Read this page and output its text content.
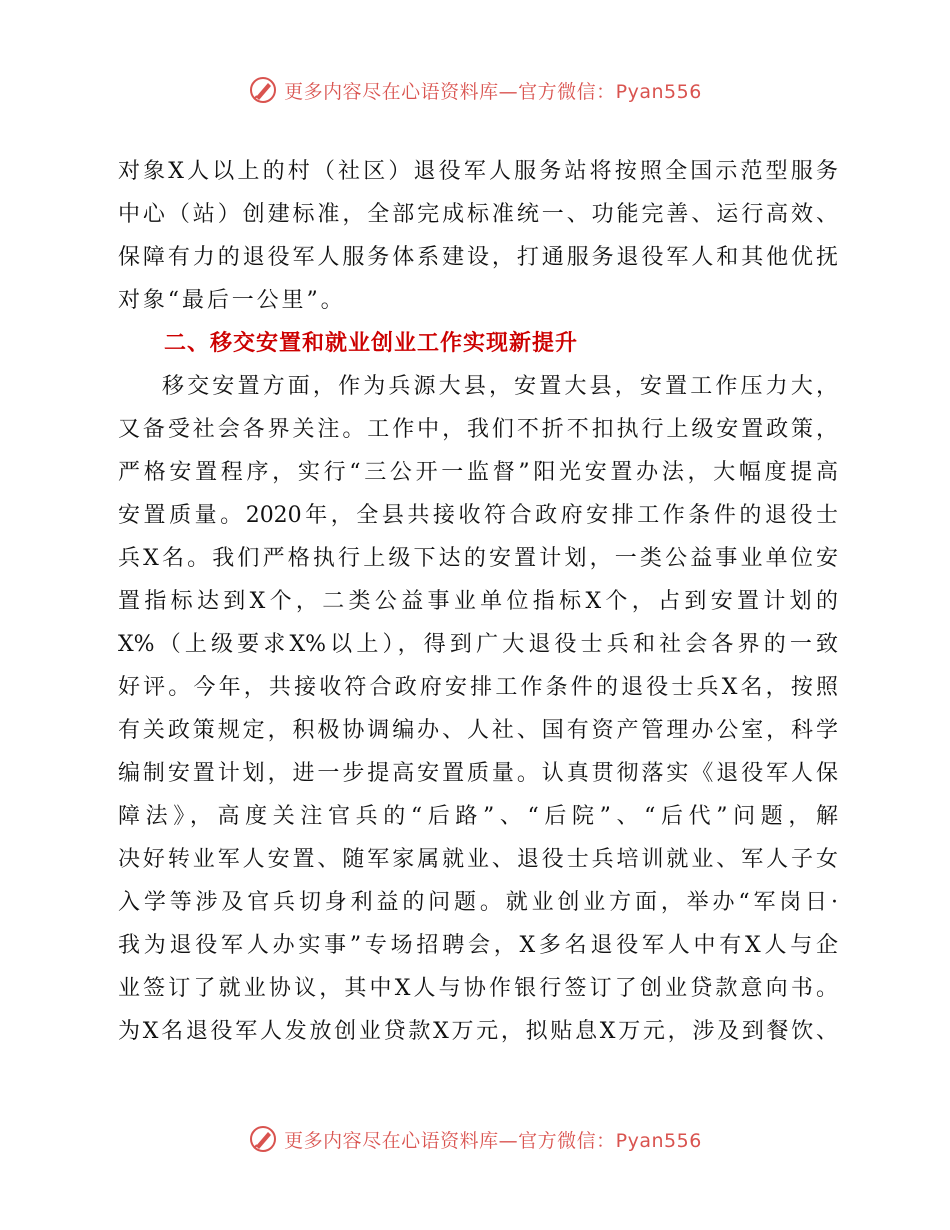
更多内容尽在心语资料库—官方微信：Pyan556
对象X人以上的村（社区）退役军人服务站将按照全国示范型服务
中心（站）创建标准，全部完成标准统一、功能完善、运行高效、
保障有力的退役军人服务体系建设，打通服务退役军人和其他优抚
对象“最后一公里”。
二、移交安置和就业创业工作实现新提升
移交安置方面，作为兵源大县，安置大县，安置工作压力大，
又备受社会各界关注。工作中，我们不折不扣执行上级安置政策，
严格安置程序，实行“三公开一监督”阳光安置办法，大幅度提高
安置质量。2020年，全县共接收符合政府安排工作条件的退役士
兵X名。我们严格执行上级下达的安置计划，一类公益事业单位安
置指标达到X个，二类公益事业单位指标X个，占到安置计划的
X%（上级要求X%以上），得到广大退役士兵和社会各界的一致
好评。今年，共接收符合政府安排工作条件的退役士兵X名，按照
有关政策规定，积极协调编办、人社、国有资产管理办公室，科学
编制安置计划，进一步提高安置质量。认真贯彻落实《退役军人保
障法》，高度关注官兵的“后路”、“后院”、“后代”问题，解
决好转业军人安置、随军家属就业、退役士兵培训就业、军人子女
入学等涉及官兵切身利益的问题。就业创业方面，举办“军岗日·
我为退役军人办实事”专场招聘会，X多名退役军人中有X人与企
业签订了就业协议，其中X人与协作银行签订了创业贷款意向书。
为X名退役军人发放创业贷款X万元，拟贴息X万元，涉及到餐饮、
更多内容尽在心语资料库—官方微信：Pyan556
